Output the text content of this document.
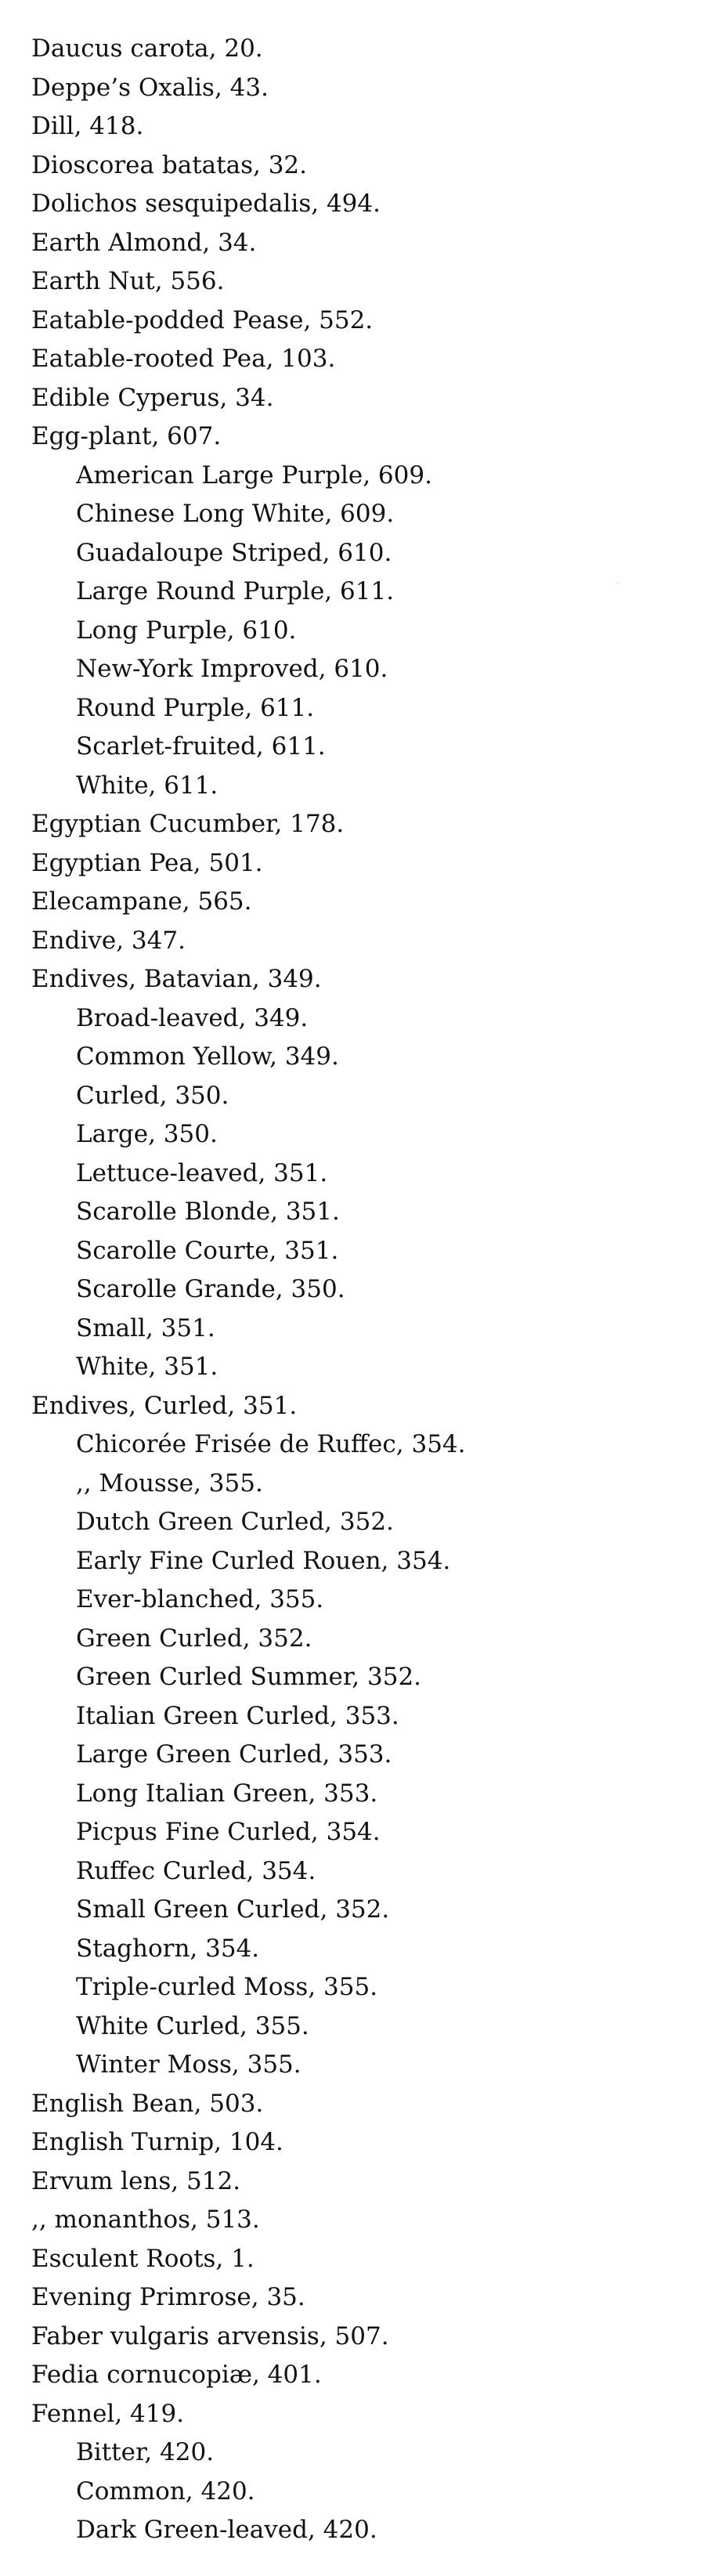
Daucus carota, 20.
Deppe’s Oxalis, 43.
Dill, 418.
Dioscorea batatas, 32.
Dolichos sesquipedalis, 494.
Earth Almond, 34.
Earth Nut, 556.
Eatable-podded Pease, 552.
Eatable-rooted Pea, 103.
Edible Cyperus, 34.
Egg-plant, 607.
American Large Purple, 609.
Chinese Long White, 609.
Guadaloupe Striped, 610.
Large Round Purple, 611.
Long Purple, 610.
New-York Improved, 610.
Round Purple, 611.
Scarlet-fruited, 611.
White, 611.
Egyptian Cucumber, 178.
Egyptian Pea, 501.
Elecampane, 565.
Endive, 347.
Endives, Batavian, 349.
Broad-leaved, 349.
Common Yellow, 349.
Curled, 350.
Large, 350.
Lettuce-leaved, 351.
Scarolle Blonde, 351.
Scarolle Courte, 351.
Scarolle Grande, 350.
Small, 351.
White, 351.
Endives, Curled, 351.
Chicorée Frisée de Ruffec, 354.
,, Mousse, 355.
Dutch Green Curled, 352.
Early Fine Curled Rouen, 354.
Ever-blanched, 355.
Green Curled, 352.
Green Curled Summer, 352.
Italian Green Curled, 353.
Large Green Curled, 353.
Long Italian Green, 353.
Picpus Fine Curled, 354.
Ruffec Curled, 354.
Small Green Curled, 352.
Staghorn, 354.
Triple-curled Moss, 355.
White Curled, 355.
Winter Moss, 355.
English Bean, 503.
English Turnip, 104.
Ervum lens, 512.
,, monanthos, 513.
Esculent Roots, 1.
Evening Primrose, 35.
Faber vulgaris arvensis, 507.
Fedia cornucopiæ, 401.
Fennel, 419.
Bitter, 420.
Common, 420.
Dark Green-leaved, 420.
